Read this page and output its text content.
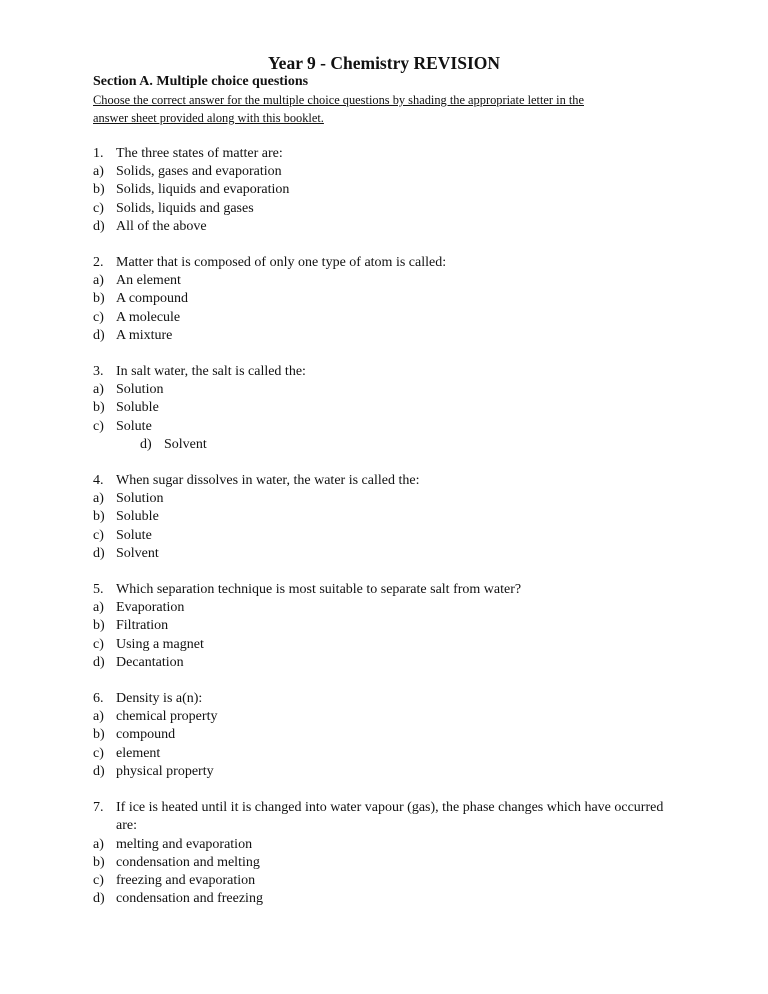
Year 9 - Chemistry REVISION
Section A. Multiple choice questions
Choose the correct answer for the multiple choice questions by shading the appropriate letter in the
answer sheet provided along with this booklet.
1. The three states of matter are:
a) Solids, gases and evaporation
b) Solids, liquids and evaporation
c) Solids, liquids and gases
d) All of the above
2. Matter that is composed of only one type of atom is called:
a) An element
b) A compound
c) A molecule
d) A mixture
3. In salt water, the salt is called the:
a) Solution
b) Soluble
c) Solute
d) Solvent
4. When sugar dissolves in water, the water is called the:
a) Solution
b) Soluble
c) Solute
d) Solvent
5. Which separation technique is most suitable to separate salt from water?
a) Evaporation
b) Filtration
c) Using a magnet
d) Decantation
6. Density is a(n):
a) chemical property
b) compound
c) element
d) physical property
7. If ice is heated until it is changed into water vapour (gas), the phase changes which have occurred are:
a) melting and evaporation
b) condensation and melting
c) freezing and evaporation
d) condensation and freezing
